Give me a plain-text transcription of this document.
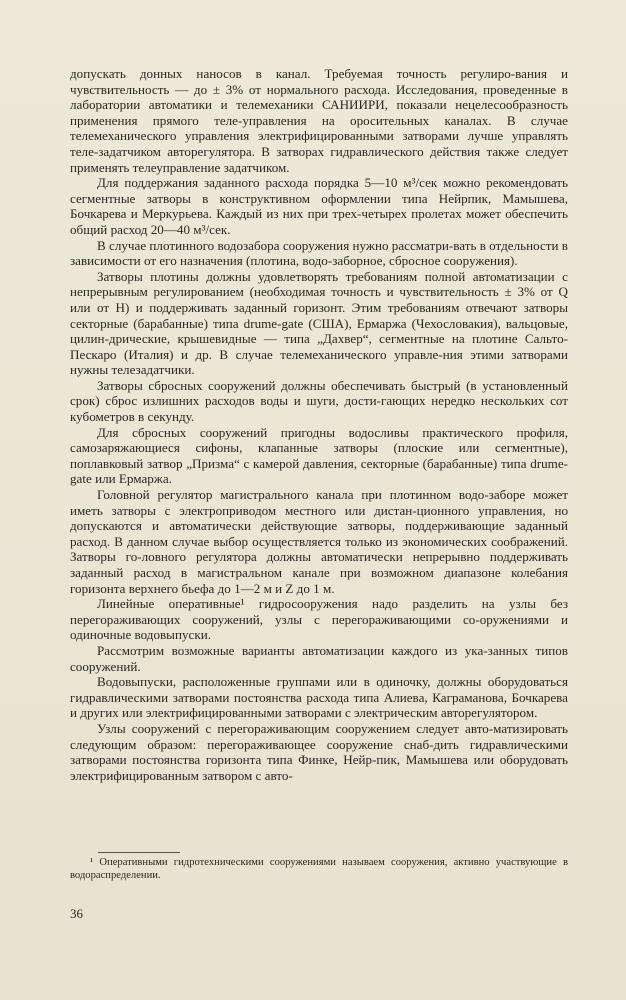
допускать донных наносов в канал. Требуемая точность регулиро-вания и чувствительность — до ± 3% от нормального расхода. Исследования, проведенные в лаборатории автоматики и телемеханики САНИИРИ, показали нецелесообразность применения прямого теле-управления на оросительных каналах. В случае телемеханического управления электрифицированными затворами лучше управлять теле-задатчиком авторегулятора. В затворах гидравлического действия также следует применять телеуправление задатчиком.

Для поддержания заданного расхода порядка 5—10 м³/сек можно рекомендовать сегментные затворы в конструктивном оформлении типа Нейрпик, Мамышева, Бочкарева и Меркурьева. Каждый из них при трех-четырех пролетах может обеспечить общий расход 20—40 м³/сек.

В случае плотинного водозабора сооружения нужно рассматри-вать в отдельности в зависимости от его назначения (плотина, водо-заборное, сбросное сооружения).

Затворы плотины должны удовлетворять требованиям полной автоматизации с непрерывным регулированием (необходимая точность и чувствительность ± 3% от Q или от H) и поддерживать заданный горизонт. Этим требованиям отвечают затворы секторные (барабанные) типа drume-gate (США), Ермаржа (Чехословакия), вальцовые, цилин-дрические, крышевидные — типа „Дахвер“, сегментные на плотине Сальто-Пескаро (Италия) и др. В случае телемеханического управле-ния этими затворами нужны телезадатчики.

Затворы сбросных сооружений должны обеспечивать быстрый (в установленный срок) сброс излишних расходов воды и шуги, дости-гающих нередко нескольких сот кубометров в секунду.

Для сбросных сооружений пригодны водосливы практического профиля, самозаряжающиеся сифоны, клапанные затворы (плоские или сегментные), поплавковый затвор „Призма“ с камерой давления, секторные (барабанные) типа drume-gate или Ермаржа.

Головной регулятор магистрального канала при плотинном водо-заборе может иметь затворы с электроприводом местного или дистан-ционного управления, но допускаются и автоматически действующие затворы, поддерживающие заданный расход. В данном случае выбор осуществляется только из экономических соображений. Затворы го-ловного регулятора должны автоматически непрерывно поддерживать заданный расход в магистральном канале при возможном диапазоне колебания горизонта верхнего бьефа до 1—2 м и Z до 1 м.

Линейные оперативные¹ гидросооружения надо разделить на узлы без перегораживающих сооружений, узлы с перегораживающими со-оружениями и одиночные водовыпуски.

Рассмотрим возможные варианты автоматизации каждого из ука-занных типов сооружений.

Водовыпуски, расположенные группами или в одиночку, должны оборудоваться гидравлическими затворами постоянства расхода типа Алиева, Каграманова, Бочкарева и других или электрифицированными затворами с электрическим авторегулятором.

Узлы сооружений с перегораживающим сооружением следует авто-матизировать следующим образом: перегораживающее сооружение снаб-дить гидравлическими затворами постоянства горизонта типа Финке, Нейр-пик, Мамышева или оборудовать электрифицированным затвором с авто-

¹ Оперативными гидротехническими сооружениями называем сооружения, активно участвующие в водораспределении.

36
